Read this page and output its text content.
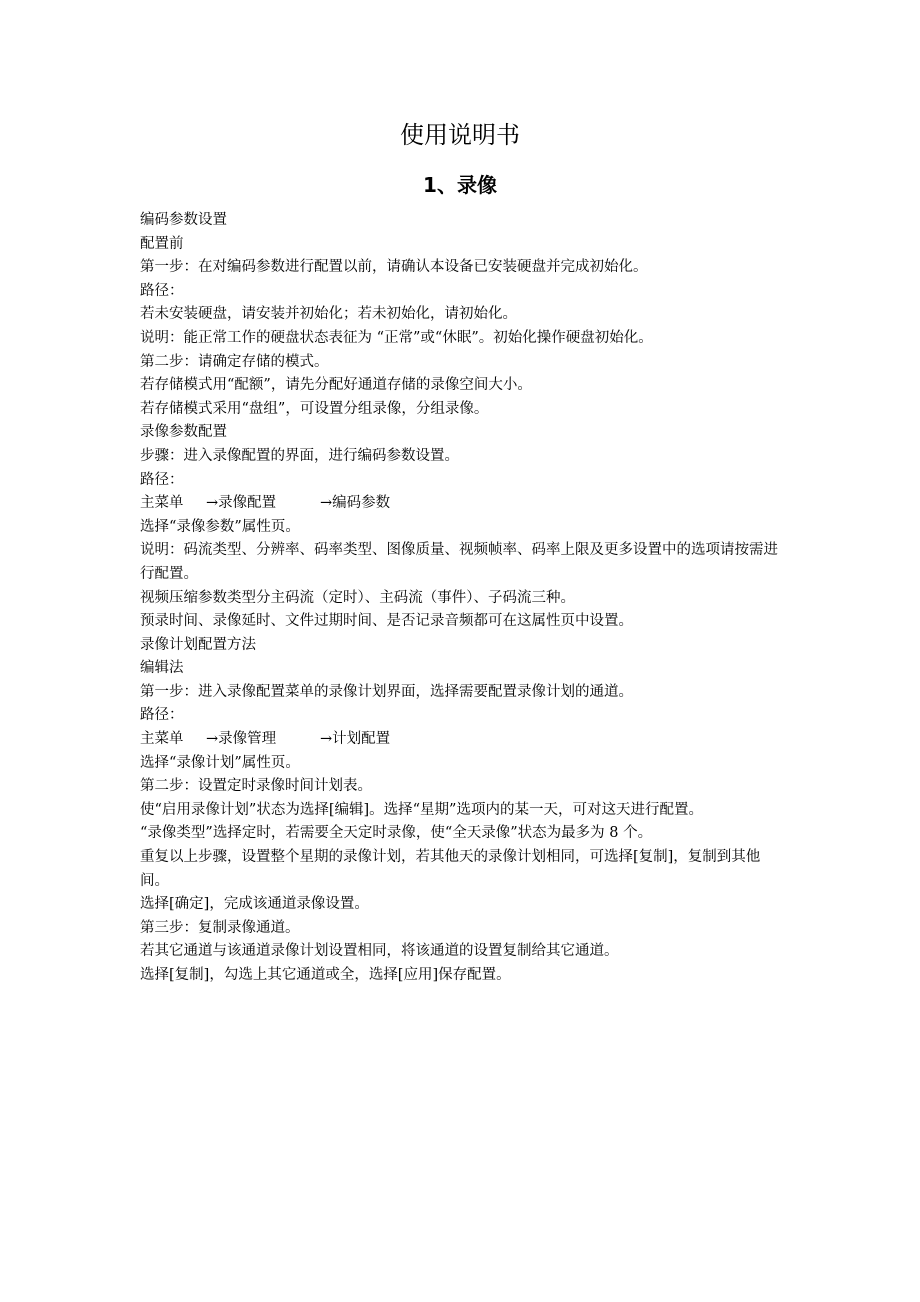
使用说明书
1、录像

编码参数设置

配置前

第一步：在对编码参数进行配置以前，请确认本设备已安装硬盘并完成初始化。

路径：

若未安装硬盘，请安装并初始化；若未初始化，请初始化。

说明：能正常工作的硬盘状态表征为 “正常”或“休眠”。初始化操作硬盘初始化。

第二步：请确定存储的模式。

若存储模式用“配额”，请先分配好通道存储的录像空间大小。

若存储模式采用“盘组”，可设置分组录像，分组录像。

录像参数配置

步骤：进入录像配置的界面，进行编码参数设置。

路径：

主菜单 →录像配置	→编码参数

选择“录像参数”属性页。

说明：码流类型、分辨率、码率类型、图像质量、视频帧率、码率上限及更多设置中的选项请按需进行配置。

视频压缩参数类型分主码流（定时）、主码流（事件）、子码流三种。

预录时间、录像延时、文件过期时间、是否记录音频都可在这属性页中设置。

录像计划配置方法

编辑法

第一步：进入录像配置菜单的录像计划界面，选择需要配置录像计划的通道。

路径：

主菜单 →录像管理	→计划配置

选择“录像计划”属性页。

第二步：设置定时录像时间计划表。

使“启用录像计划”状态为选择[编辑]。选择“星期”选项内的某一天，可对这天进行配置。

“录像类型”选择定时，若需要全天定时录像，使“全天录像”状态为最多为 8 个。

重复以上步骤，设置整个星期的录像计划，若其他天的录像计划相同，可选择[复制]，复制到其他间。

选择[确定]，完成该通道录像设置。

第三步：复制录像通道。

若其它通道与该通道录像计划设置相同，将该通道的设置复制给其它通道。

选择[复制]，勾选上其它通道或全，选择[应用]保存配置。
